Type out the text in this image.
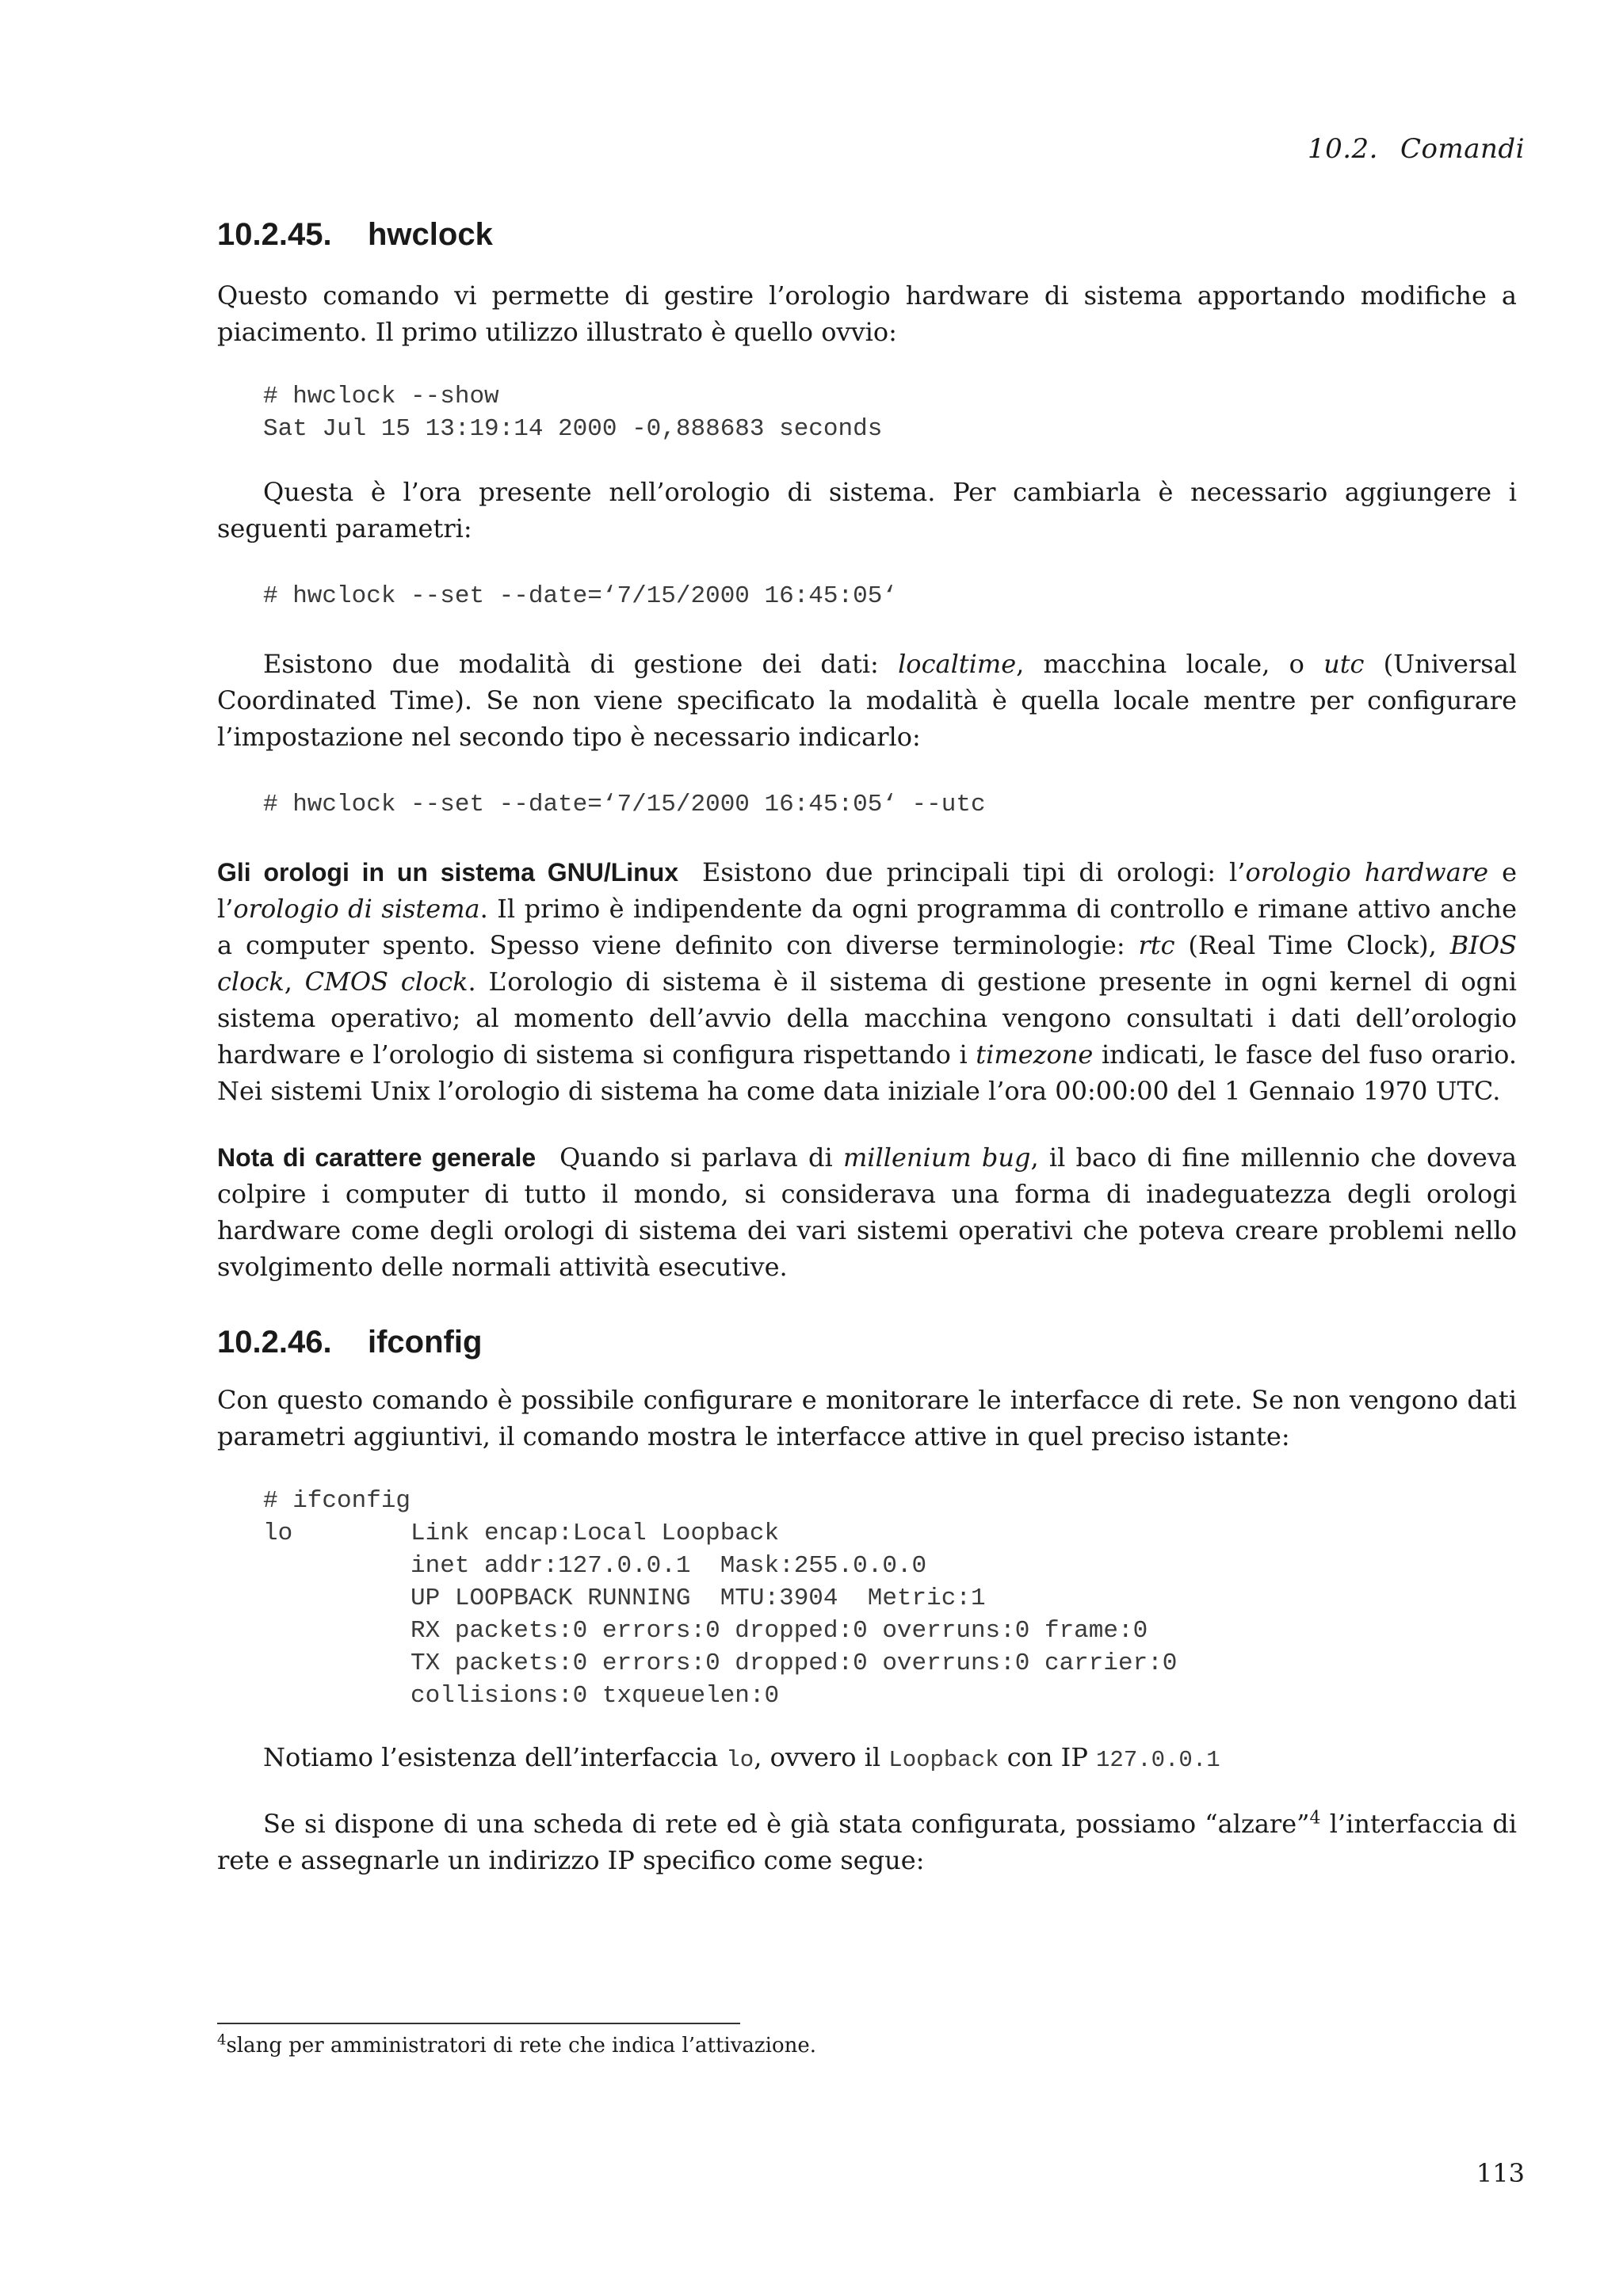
10.2. Comandi
10.2.45. hwclock

Questo comando vi permette di gestire l’orologio hardware di sistema apportando modifiche a piacimento. Il primo utilizzo illustrato è quello ovvio:

# hwclock --show
Sat Jul 15 13:19:14 2000 -0,888683 seconds

Questa è l’ora presente nell’orologio di sistema. Per cambiarla è necessario aggiungere i seguenti parametri:

# hwclock --set --date=‘7/15/2000 16:45:05‘

Esistono due modalità di gestione dei dati: localtime, macchina locale, o utc (Universal Coordinated Time). Se non viene specificato la modalità è quella locale mentre per configurare l’impostazione nel secondo tipo è necessario indicarlo:

# hwclock --set --date=‘7/15/2000 16:45:05‘ --utc

Gli orologi in un sistema GNU/Linux Esistono due principali tipi di orologi: l’orologio hardware e l’orologio di sistema. Il primo è indipendente da ogni programma di controllo e rimane attivo anche a computer spento. Spesso viene definito con diverse terminologie: rtc (Real Time Clock), BIOS clock, CMOS clock. L’orologio di sistema è il sistema di gestione presente in ogni kernel di ogni sistema operativo; al momento dell’avvio della macchina vengono consultati i dati dell’orologio hardware e l’orologio di sistema si configura rispettando i timezone indicati, le fasce del fuso orario. Nei sistemi Unix l’orologio di sistema ha come data iniziale l’ora 00:00:00 del 1 Gennaio 1970 UTC.

Nota di carattere generale Quando si parlava di millenium bug, il baco di fine millennio che doveva colpire i computer di tutto il mondo, si considerava una forma di inadeguatezza degli orologi hardware come degli orologi di sistema dei vari sistemi operativi che poteva creare problemi nello svolgimento delle normali attività esecutive.

10.2.46. ifconfig

Con questo comando è possibile configurare e monitorare le interfacce di rete. Se non vengono dati parametri aggiuntivi, il comando mostra le interfacce attive in quel preciso istante:

# ifconfig
lo        Link encap:Local Loopback
inet addr:127.0.0.1  Mask:255.0.0.0
UP LOOPBACK RUNNING  MTU:3904  Metric:1
RX packets:0 errors:0 dropped:0 overruns:0 frame:0
TX packets:0 errors:0 dropped:0 overruns:0 carrier:0
collisions:0 txqueuelen:0

Notiamo l’esistenza dell’interfaccia lo, ovvero il Loopback con IP 127.0.0.1

Se si dispone di una scheda di rete ed è già stata configurata, possiamo “alzare”$^4$ l’interfaccia di rete e assegnarle un indirizzo IP specifico come segue:

$^4$slang per amministratori di rete che indica l’attivazione.
113
